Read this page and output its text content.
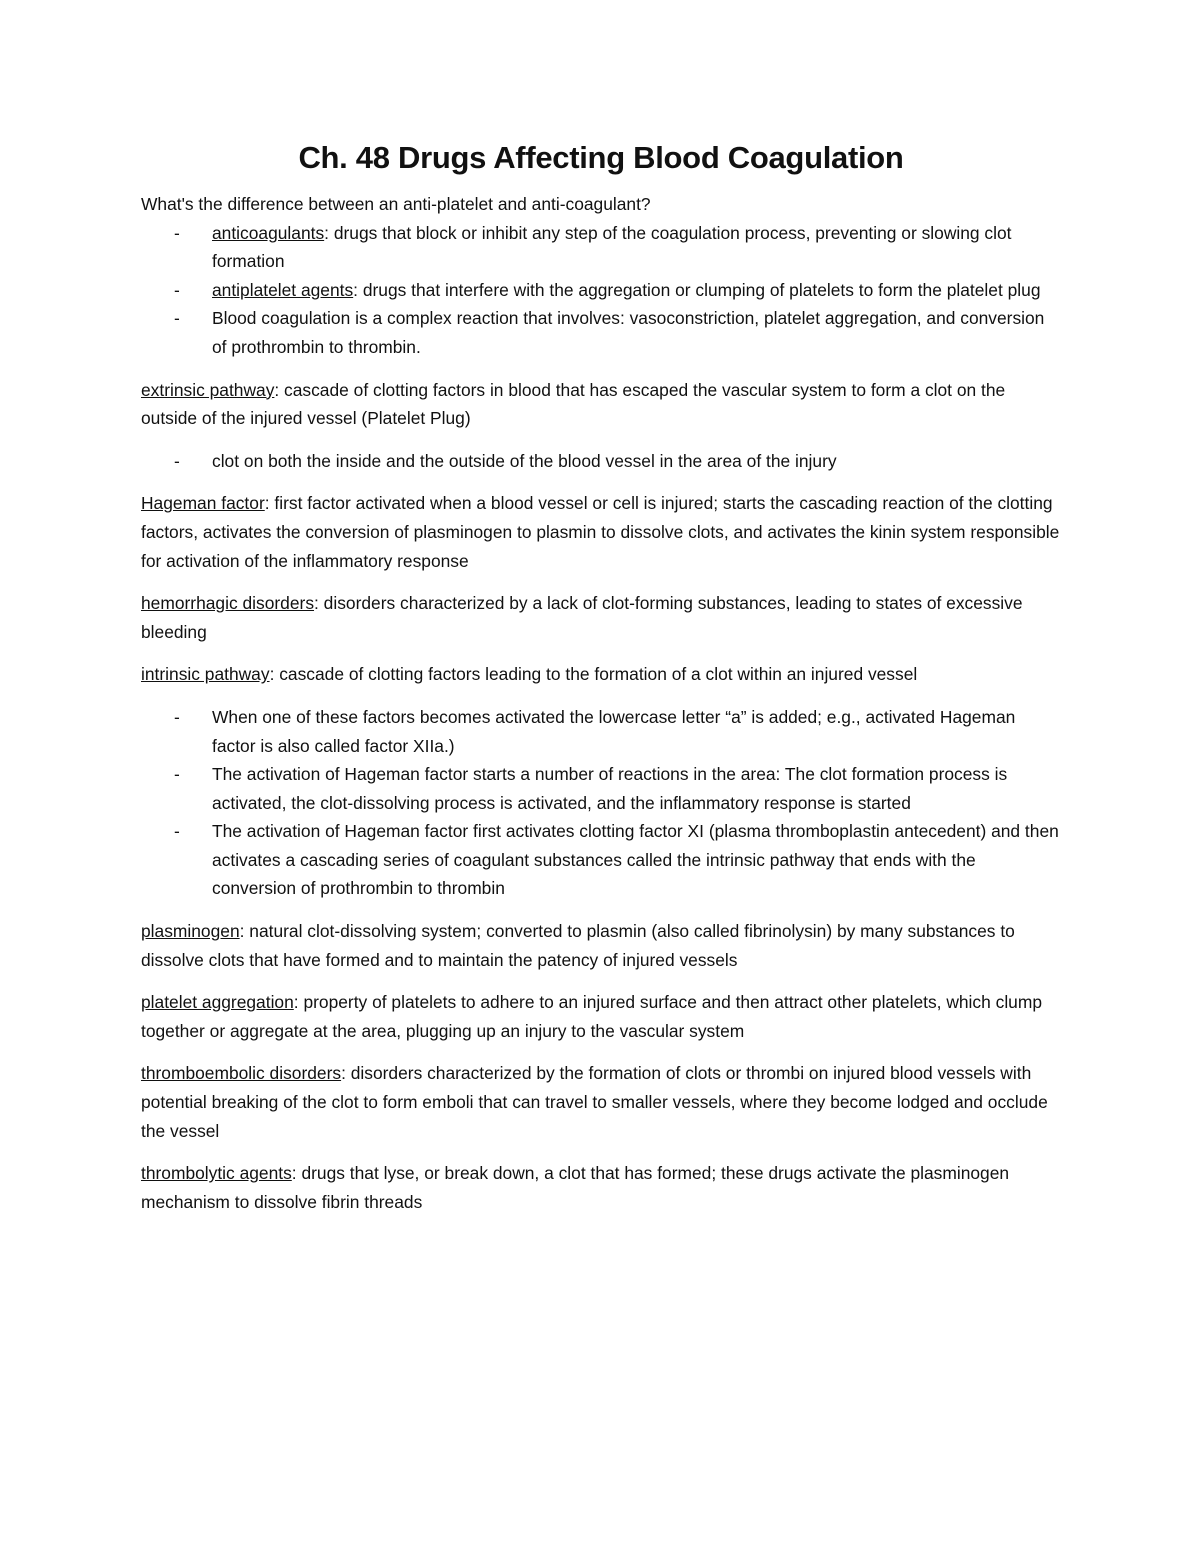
Ch. 48 Drugs Affecting Blood Coagulation

What's the difference between an anti-platelet and anti-coagulant?

- anticoagulants: drugs that block or inhibit any step of the coagulation process, preventing or slowing clot formation
- antiplatelet agents: drugs that interfere with the aggregation or clumping of platelets to form the platelet plug
- Blood coagulation is a complex reaction that involves: vasoconstriction, platelet aggregation, and conversion of prothrombin to thrombin.

extrinsic pathway: cascade of clotting factors in blood that has escaped the vascular system to form a clot on the outside of the injured vessel (Platelet Plug)

- clot on both the inside and the outside of the blood vessel in the area of the injury

Hageman factor: first factor activated when a blood vessel or cell is injured; starts the cascading reaction of the clotting factors, activates the conversion of plasminogen to plasmin to dissolve clots, and activates the kinin system responsible for activation of the inflammatory response

hemorrhagic disorders: disorders characterized by a lack of clot-forming substances, leading to states of excessive bleeding

intrinsic pathway: cascade of clotting factors leading to the formation of a clot within an injured vessel

- When one of these factors becomes activated the lowercase letter “a” is added; e.g., activated Hageman factor is also called factor XIIa.)
- The activation of Hageman factor starts a number of reactions in the area: The clot formation process is activated, the clot-dissolving process is activated, and the inflammatory response is started
- The activation of Hageman factor first activates clotting factor XI (plasma thromboplastin antecedent) and then activates a cascading series of coagulant substances called the intrinsic pathway that ends with the conversion of prothrombin to thrombin

plasminogen: natural clot-dissolving system; converted to plasmin (also called fibrinolysin) by many substances to dissolve clots that have formed and to maintain the patency of injured vessels

platelet aggregation: property of platelets to adhere to an injured surface and then attract other platelets, which clump together or aggregate at the area, plugging up an injury to the vascular system

thromboembolic disorders: disorders characterized by the formation of clots or thrombi on injured blood vessels with potential breaking of the clot to form emboli that can travel to smaller vessels, where they become lodged and occlude the vessel

thrombolytic agents: drugs that lyse, or break down, a clot that has formed; these drugs activate the plasminogen mechanism to dissolve fibrin threads
